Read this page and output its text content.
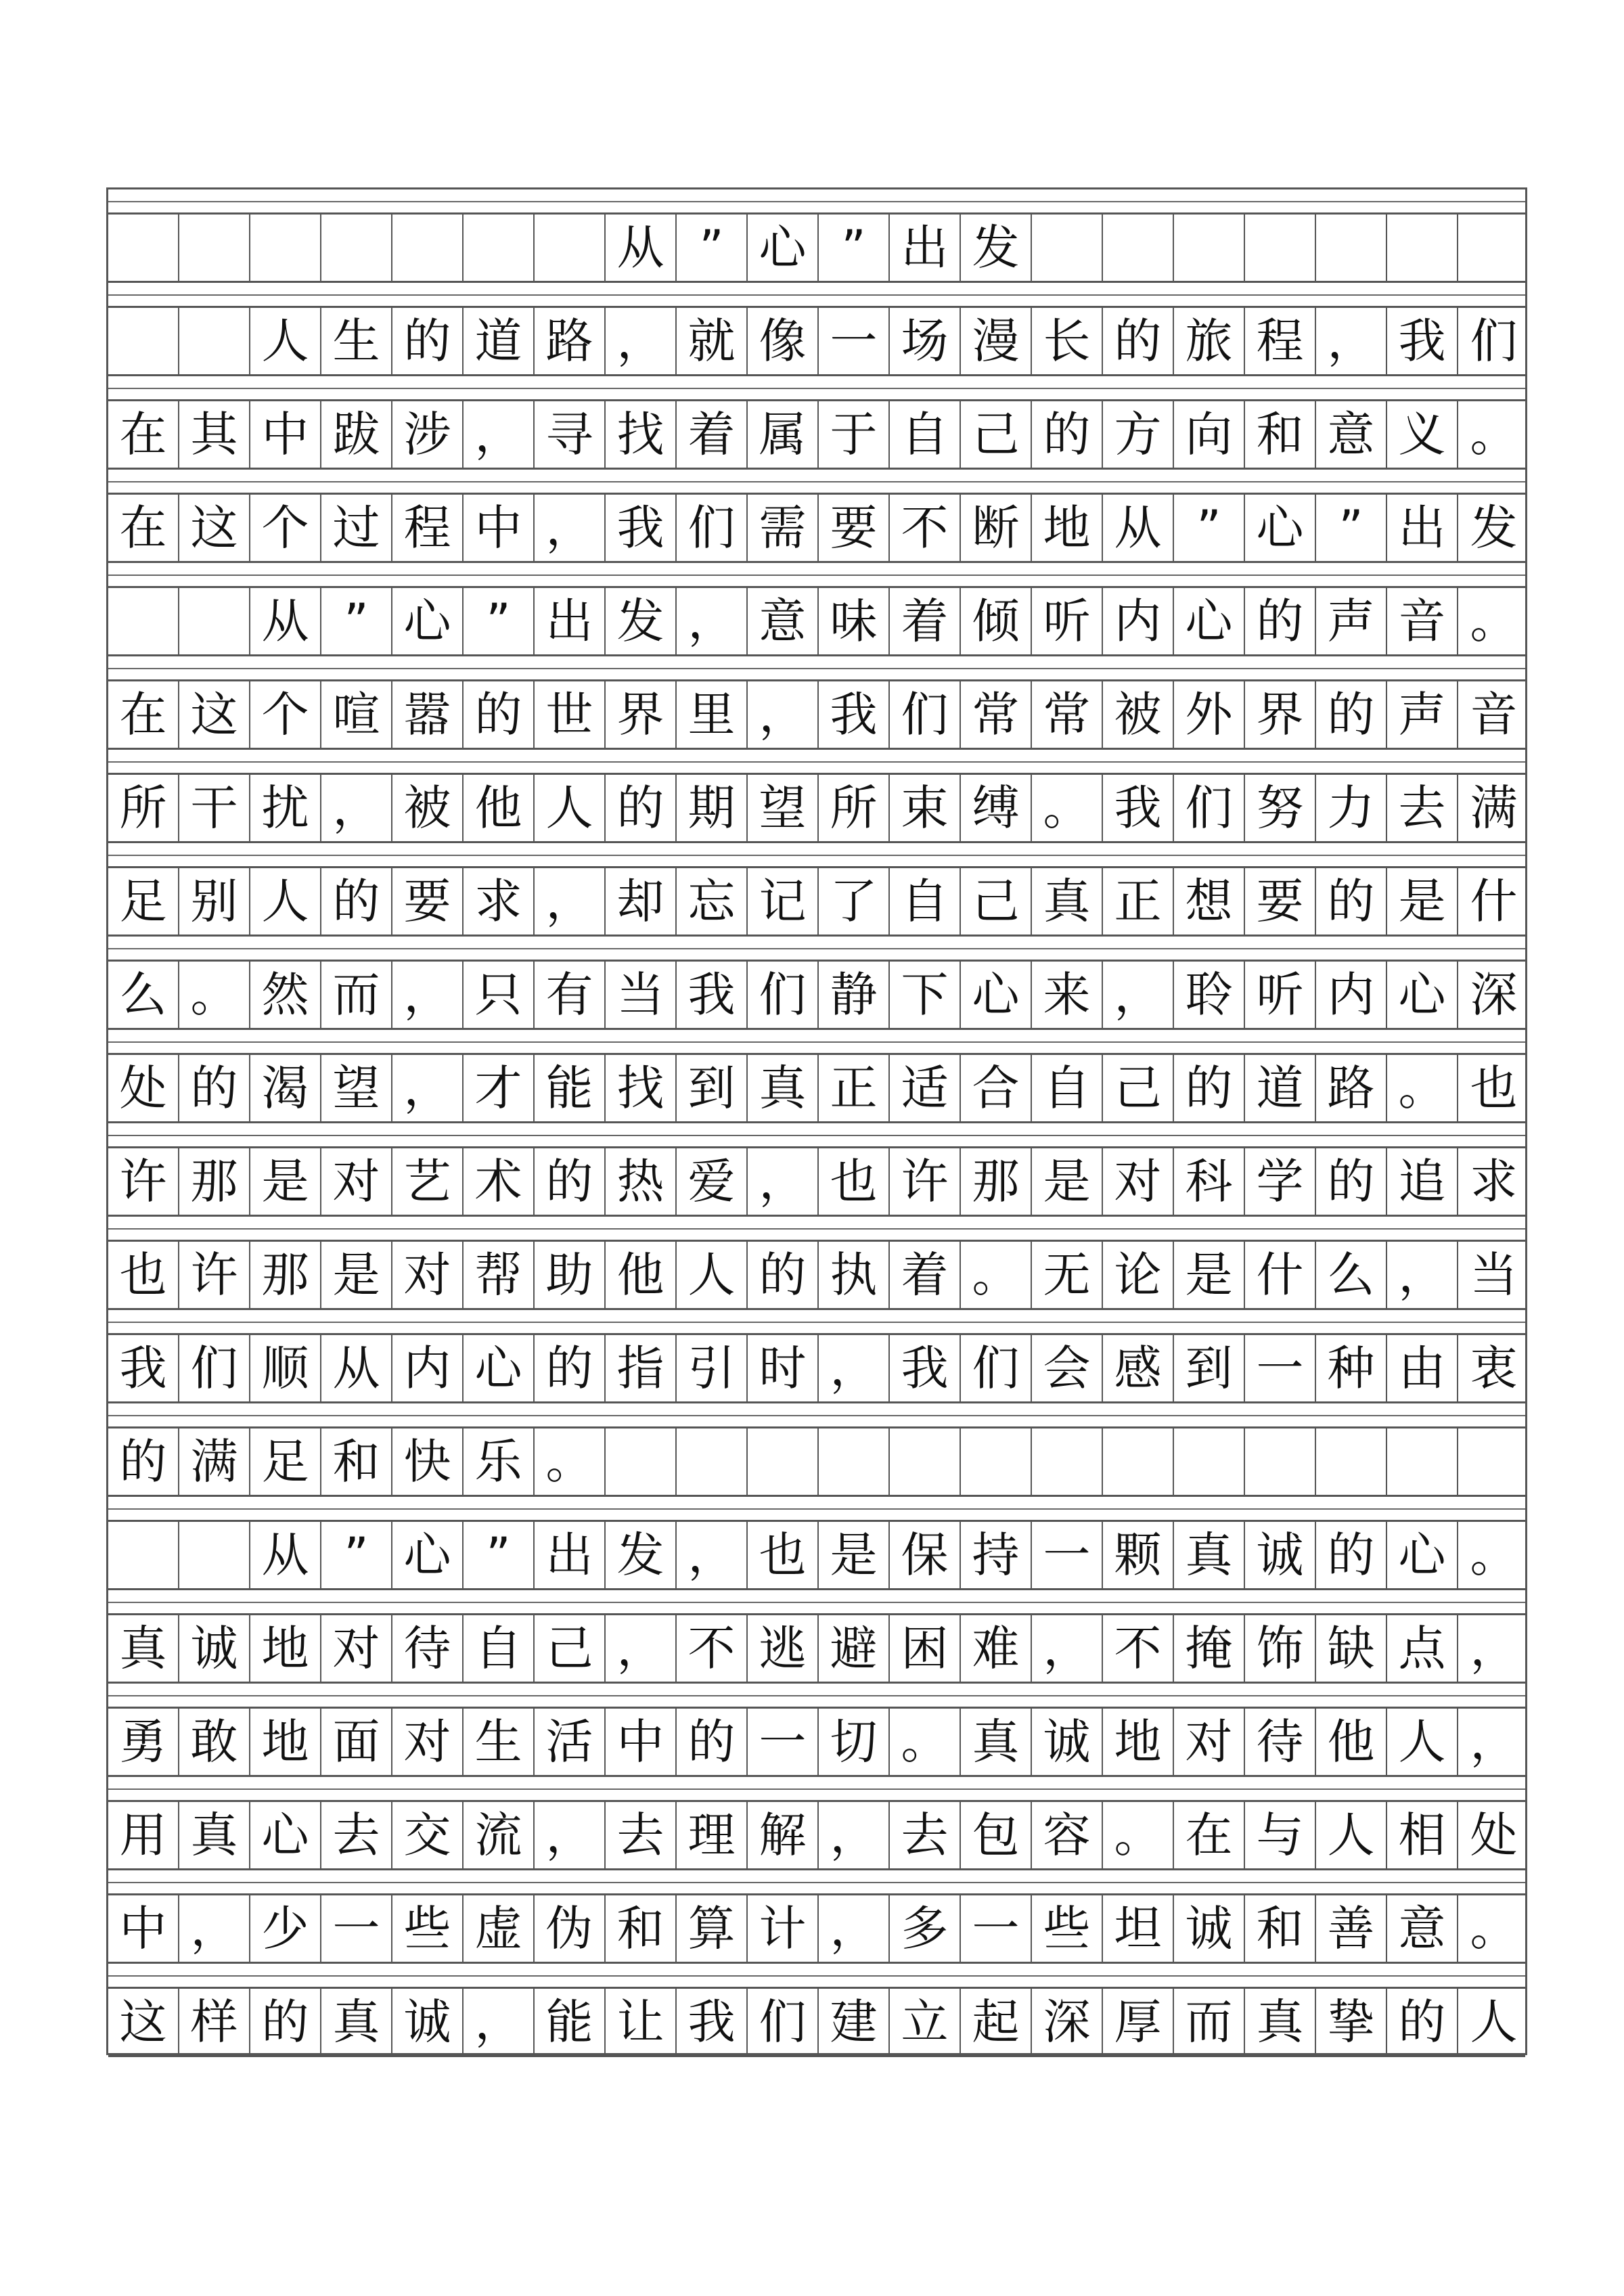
从 ” 心 ” 出 发
人 生 的 道 路 ， 就 像 一 场 漫 长 的 旅 程 ， 我 们
在 其 中 跋 涉 ， 寻 找 着 属 于 自 己 的 方 向 和 意 义 。
在 这 个 过 程 中 ， 我 们 需 要 不 断 地 从 ” 心 ” 出 发
从 ” 心 ” 出 发 ， 意 味 着 倾 听 内 心 的 声 音 。
在 这 个 喧 嚣 的 世 界 里 ， 我 们 常 常 被 外 界 的 声 音
所 干 扰 ， 被 他 人 的 期 望 所 束 缚 。 我 们 努 力 去 满
足 别 人 的 要 求 ， 却 忘 记 了 自 己 真 正 想 要 的 是 什
么 。 然 而 ， 只 有 当 我 们 静 下 心 来 ， 聆 听 内 心 深
处 的 渴 望 ， 才 能 找 到 真 正 适 合 自 己 的 道 路 。 也
许 那 是 对 艺 术 的 热 爱 ， 也 许 那 是 对 科 学 的 追 求
也 许 那 是 对 帮 助 他 人 的 执 着 。 无 论 是 什 么 ， 当
我 们 顺 从 内 心 的 指 引 时 ， 我 们 会 感 到 一 种 由 衷
的 满 足 和 快 乐 。
从 ” 心 ” 出 发 ， 也 是 保 持 一 颗 真 诚 的 心 。
真 诚 地 对 待 自 己 ， 不 逃 避 困 难 ， 不 掩 饰 缺 点 ，
勇 敢 地 面 对 生 活 中 的 一 切 。 真 诚 地 对 待 他 人 ，
用 真 心 去 交 流 ， 去 理 解 ， 去 包 容 。 在 与 人 相 处
中 ， 少 一 些 虚 伪 和 算 计 ， 多 一 些 坦 诚 和 善 意 。
这 样 的 真 诚 ， 能 让 我 们 建 立 起 深 厚 而 真 挚 的 人
